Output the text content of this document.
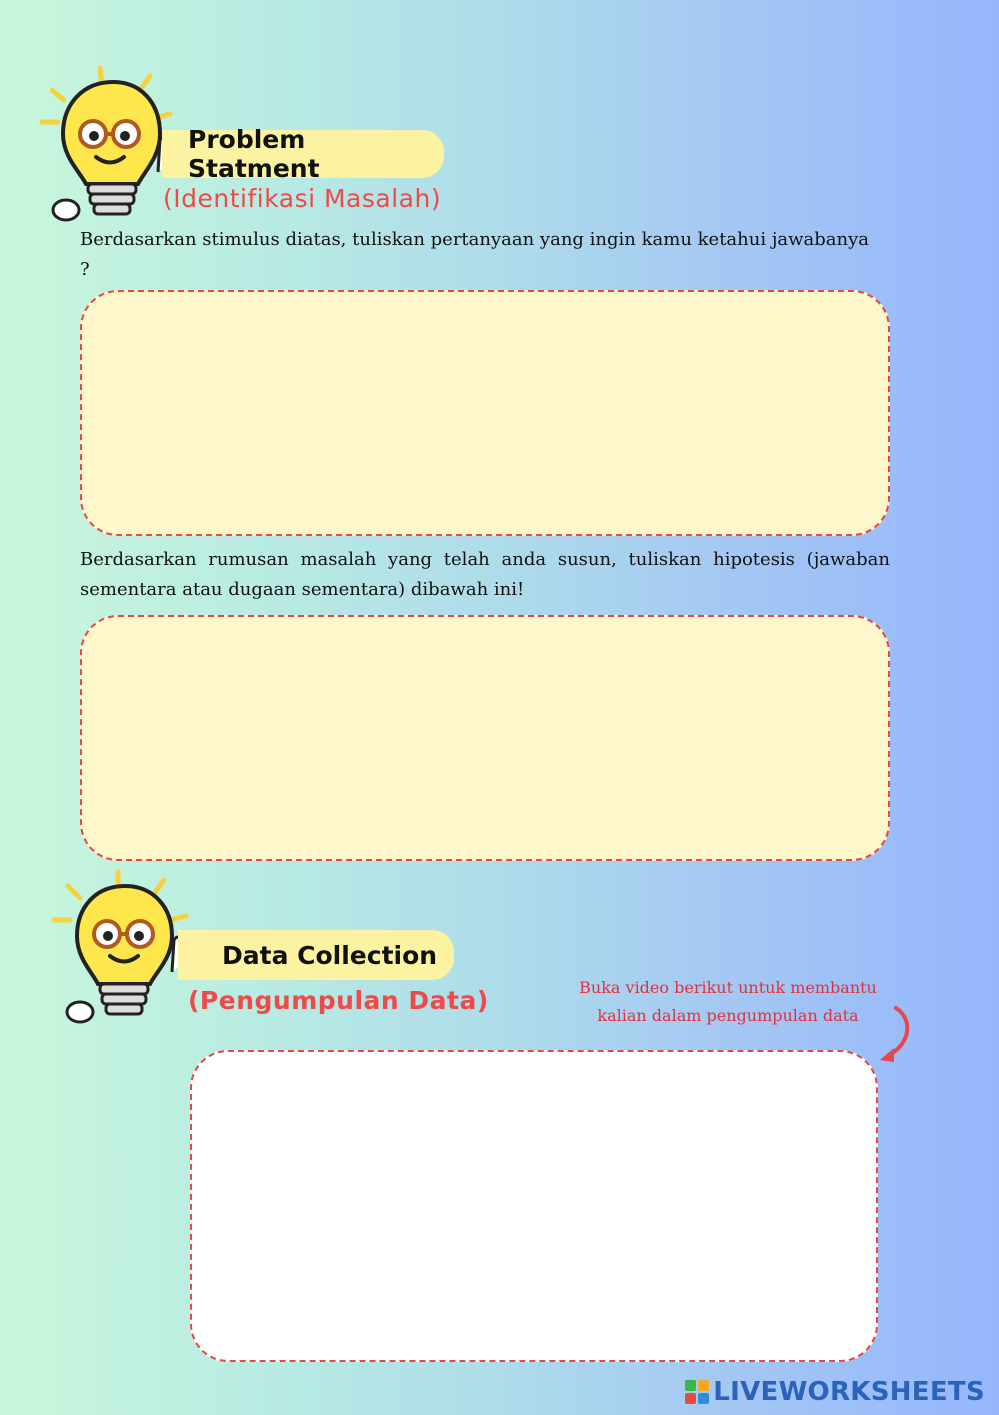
Problem Statment
(Identifikasi Masalah)
Berdasarkan stimulus diatas, tuliskan pertanyaan yang ingin kamu ketahui jawabanya ?
Berdasarkan rumusan masalah yang telah anda susun, tuliskan hipotesis (jawaban sementara atau dugaan sementara) dibawah ini!
Data Collection
(Pengumpulan Data)	Buka video berikut untuk membantu kalian dalam pengumpulan data
LIVEWORKSHEETS
